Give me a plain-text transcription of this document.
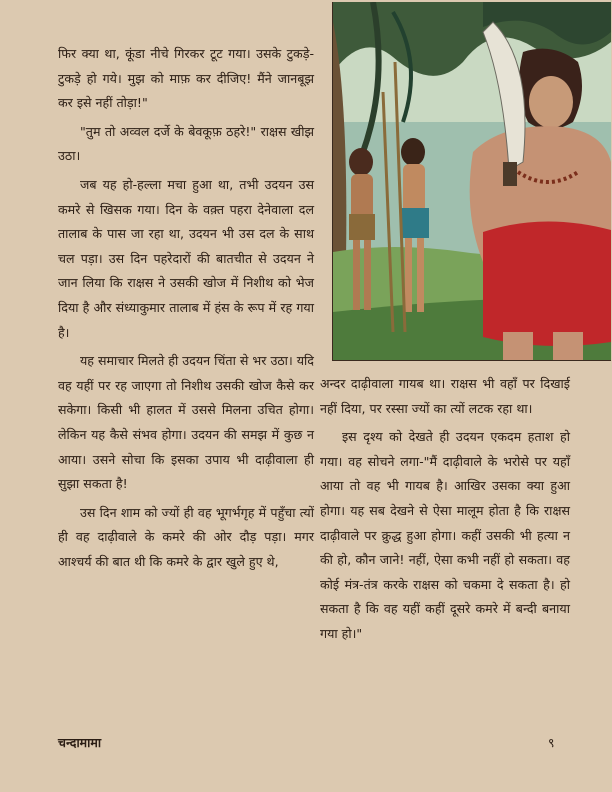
फिर क्या था, कूंडा नीचे गिरकर टूट गया। उसके टुकड़े-टुकड़े हो गये। मुझ को माफ़ कर दीजिए! मैंने जानबूझ कर इसे नहीं तोड़ा!"

"तुम तो अव्वल दर्जे के बेवकूफ़ ठहरे!" राक्षस खीझ उठा।

जब यह हो-हल्ला मचा हुआ था, तभी उदयन उस कमरे से खिसक गया। दिन के वक़्त पहरा देनेवाला दल तालाब के पास जा रहा था, उदयन भी उस दल के साथ चल पड़ा। उस दिन पहरेदारों की बातचीत से उदयन ने जान लिया कि राक्षस ने उसकी खोज में निशीथ को भेज दिया है और संध्याकुमार तालाब में हंस के रूप में रह गया है।

यह समाचार मिलते ही उदयन चिंता से भर उठा। यदि वह यहीं पर रह जाएगा तो निशीथ उसकी खोज कैसे कर सकेगा। किसी भी हालत में उससे मिलना उचित होगा। लेकिन यह कैसे संभव होगा। उदयन की समझ में कुछ न आया। उसने सोचा कि इसका उपाय भी दाढ़ीवाला ही सुझा सकता है!

उस दिन शाम को ज्यों ही वह भूगर्भगृह में पहुँचा त्यों ही वह दाढ़ीवाले के कमरे की ओर दौड़ पड़ा। मगर आश्चर्य की बात थी कि कमरे के द्वार खुले हुए थे,

अन्दर दाढ़ीवाला गायब था। राक्षस भी वहाँ पर दिखाई नहीं दिया, पर रस्सा ज्यों का त्यों लटक रहा था।

इस दृश्य को देखते ही उदयन एकदम हताश हो गया। वह सोचने लगा-"मैं दाढ़ीवाले के भरोसे पर यहाँ आया तो वह भी गायब है। आखिर उसका क्या हुआ होगा। यह सब देखने से ऐसा मालूम होता है कि राक्षस दाढ़ीवाले पर क्रुद्ध हुआ होगा। कहीं उसकी भी हत्या न की हो, कौन जाने! नहीं, ऐसा कभी नहीं हो सकता। वह कोई मंत्र-तंत्र करके राक्षस को चकमा दे सकता है। हो सकता है कि वह यहीं कहीं दूसरे कमरे में बन्दी बनाया गया हो।"

चन्दामामा	९
